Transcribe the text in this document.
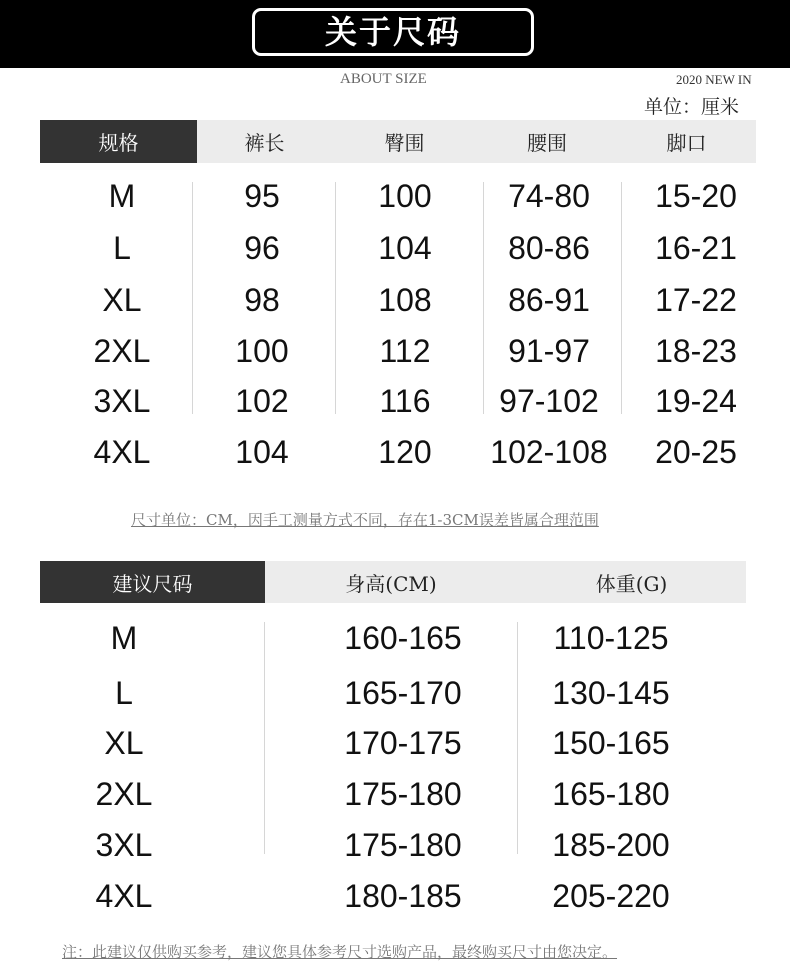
关于尺码
ABOUT SIZE	2020 NEW IN
单位：厘米
规格	裤长	臀围	腰围	脚口
M	95	100 74-80 15-20
L	96	104 80-86 16-21
XL	98	108 86-91 17-22
2XL	100	112 91-97 18-23
3XL	102	116 97-102 19-24
4XL	104	120 102-108 20-25
尺寸单位：CM，因手工测量方式不同，存在1-3CM误差皆属合理范围
建议尺码	身高(CM)	体重(G)
M	160-165	110-125
L	165-170	130-145
XL	170-175	150-165
2XL	175-180	165-180
3XL	175-180	185-200
4XL	180-185	205-220
注：此建议仅供购买参考，建议您具体参考尺寸选购产品，最终购买尺寸由您决定。
